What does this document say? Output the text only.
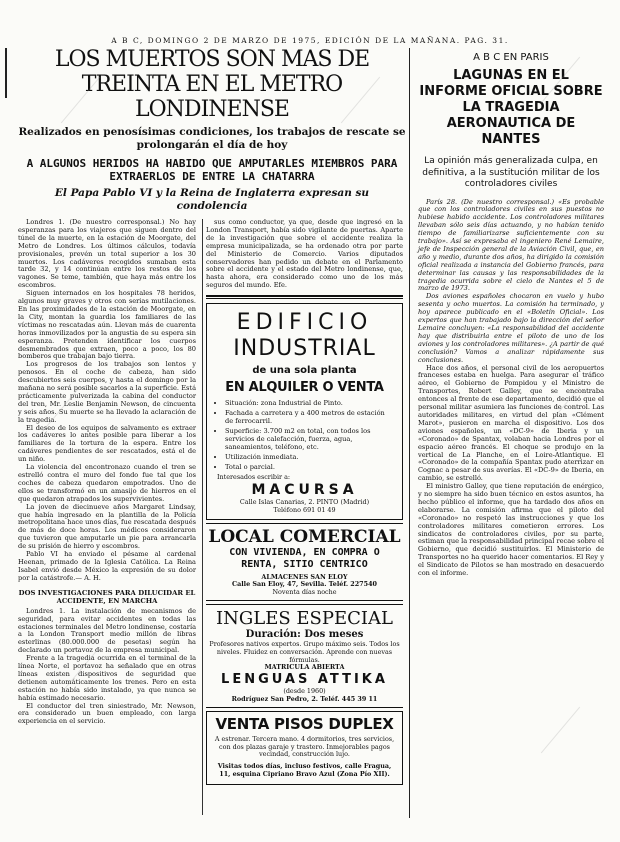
A B C, DOMINGO 2 DE MARZO DE 1975, EDICIÓN DE LA MAÑANA. PAG. 31.
LOS MUERTOS SON MAS DE TREINTA EN EL METRO LONDINENSE
Realizados en penosísimas condiciones, los trabajos de rescate se prolongarán el día de hoy
A ALGUNOS HERIDOS HA HABIDO QUE AMPUTARLES MIEMBROS PARA EXTRAERLOS DE ENTRE LA CHATARRA
El Papa Pablo VI y la Reina de Inglaterra expresan su condolencia

Londres 1. (De nuestro corresponsal.) No hay esperanzas para los viajeros que siguen dentro del túnel de la muerte, en la estación de Moorgate, del Metro de Londres. Los últimos cálculos, todavía provisionales, prevén un total superior a los 30 muertos. Los cadáveres recogidos sumaban esta tarde 32, y 14 continúan entre los restos de los vagones. Se teme, también, que haya más entre los escombros.

Siguen internados en los hospitales 78 heridos, algunos muy graves y otros con serias mutilaciones. En las proximidades de la estación de Moorgate, en la City, montan la guardia los familiares de las víctimas no rescatadas aún. Llevan más de cuarenta horas inmovilizados por la angustia de su espera sin esperanza. Pretenden identificar los cuerpos desmembrados que extraen, poco a poco, los 80 bomberos que trabajan bajo tierra.

Los progresos de los trabajos son lentos y penosos. En el coche de cabeza, han sido descubiertos seis cuerpos, y hasta el domingo por la mañana no será posible sacarlos a la superficie. Está prácticamente pulverizada la cabina del conductor del tren, Mr. Leslie Benjamin Newson, de cincuenta y seis años. Su muerte se ha llevado la aclaración de la tragedia.

El deseo de los equipos de salvamento es extraer los cadáveres lo antes posible para liberar a los familiares de la tortura de la espera. Entre los cadáveres pendientes de ser rescatados, está el de un niño.

La violencia del encontronazo cuando el tren se estrelló contra el muro del fondo fue tal que los coches de cabeza quedaron empotrados. Uno de ellos se transformó en un amasijo de hierros en el que quedaron atrapados los supervivientes.

La joven de diecinueve años Margaret Lindsay, que había ingresado en la plantilla de la Policía metropolitana hace unos días, fue rescatada después de más de doce horas. Los médicos consideraron que tuvieron que amputarle un pie para arrancarla de su prisión de hierro y escombros.

Pablo VI ha enviado el pésame al cardenal Heenan, primado de la Iglesia Católica. La Reina Isabel envió desde México la expresión de su dolor por la catástrofe.— A. H.

DOS INVESTIGACIONES PARA DILUCIDAR EL ACCIDENTE, EN MARCHA

Londres 1. La instalación de mecanismos de seguridad, para evitar accidentes en todas las estaciones terminales del Metro londinense, costaría a la London Transport medio millón de libras esterlinas (80.000.000 de pesetas) según ha declarado un portavoz de la empresa municipal.

Frente a la tragedia ocurrida en el terminal de la línea Norte, el portavoz ha señalado que en otras líneas existen dispositivos de seguridad que detienen automáticamente los trenes. Pero en esta estación no había sido instalado, ya que nunca se había estimado necesario.

El conductor del tren siniestrado, Mr. Newson, era considerado un buen empleado, con larga experiencia en el servicio.

sus como conductor, ya que, desde que ingresó en la London Transport, había sido vigilante de puertas. Aparte de la investigación que sobre el accidente realiza la empresa municipalizada, se ha ordenado otra por parte del Ministerio de Comercio. Varios diputados conservadores han pedido un debate en el Parlamento sobre el accidente y el estado del Metro londinense, que, hasta ahora, era considerado como uno de los más seguros del mundo. Efe.

EDIFICIO
INDUSTRIAL
de una sola planta
EN ALQUILER O VENTA
• Situación: zona Industrial de Pinto.
• Fachada a carretera y a 400 metros de estación de ferrocarril.
• Superficie: 3.700 m2 en total, con todos los servicios de calefacción, fuerza, agua, saneamientos, teléfono, etc.
• Utilización inmediata.
• Total o parcial.
Interesados escribir a:
MACURSA
Calle Islas Canarias, 2. PINTO (Madrid)
Teléfono 691 01 49
LOCAL COMERCIAL
CON VIVIENDA, EN COMPRA O RENTA, SITIO CENTRICO
ALMACENES SAN ELOY
Calle San Eloy, 47, Sevilla. Teléf. 227540
Noventa días noche
INGLES ESPECIAL
Duración: Dos meses
Profesores nativos expertos. Grupo máximo seis. Todos los niveles. Fluidez en conversación. Aprende con nuevas fórmulas.
MATRICULA ABIERTA
LENGUAS ATTIKA
(desde 1960)
Rodríguez San Pedro, 2. Teléf. 445 39 11
VENTA PISOS DUPLEX
A estrenar. Tercera mano. 4 dormitorios, tres servicios, con dos plazas garaje y trastero. Inmejorables pagos vecindad, construcción lujo.
Visitas todos días, incluso festivos, calle Fragua, 11, esquina Cipriano Bravo Azul (Zona Pío XII).
A B C EN PARIS
LAGUNAS EN EL INFORME OFICIAL SOBRE LA TRAGEDIA AERONAUTICA DE NANTES
La opinión más generalizada culpa, en definitiva, a la sustitución militar de los controladores civiles

París 28. (De nuestro corresponsal.) «Es probable que con los controladores civiles en sus puestos no hubiese habido accidente. Los controladores militares llevaban sólo seis días actuando, y no habían tenido tiempo de familiarizarse suficientemente con su trabajo». Así se expresaba el ingeniero René Lemaire, jefe de Inspección general de la Aviación Civil, que, en año y medio, durante dos años, ha dirigido la comisión oficial realizada a instancia del Gobierno francés, para determinar las causas y las responsabilidades de la tragedia ocurrida sobre el cielo de Nantes el 5 de marzo de 1973.

Dos aviones españoles chocaron en vuelo y hubo sesenta y ocho muertos. La comisión ha terminado, y hoy aparece publicado en el «Boletín Oficial». Los expertos que han trabajado bajo la dirección del señor Lemaire concluyen: «La responsabilidad del accidente hay que distribuirla entre el piloto de uno de los aviones y los controladores militares». ¿A partir de qué conclusión? Vamos a analizar rápidamente sus conclusiones.

Hace dos años, el personal civil de los aeropuertos franceses estaba en huelga. Para asegurar el tráfico aéreo, el Gobierno de Pompidou y el Ministro de Transportes, Robert Galley, que se encontraba entonces al frente de ese departamento, decidió que el personal militar asumiera las funciones de control. Las autoridades militares, en virtud del plan «Clément Marot», pusieron en marcha el dispositivo. Los dos aviones españoles, un «DC-9» de Iberia y un «Coronado» de Spantax, volaban hacia Londres por el espacio aéreo francés. El choque se produjo en la vertical de La Planche, en el Loire-Atlantique. El «Coronado» de la compañía Spantax pudo aterrizar en Cognac a pesar de sus averías. El «DC-9» de Iberia, en cambio, se estrelló.

El ministro Galley, que tiene reputación de enérgico, y no siempre ha sido buen técnico en estos asuntos, ha hecho público el informe, que ha tardado dos años en elaborarse. La comisión afirma que el piloto del «Coronado» no respetó las instrucciones y que los controladores militares cometieron errores. Los sindicatos de controladores civiles, por su parte, estiman que la responsabilidad principal recae sobre el Gobierno, que decidió sustituirlos. El Ministerio de Transportes no ha querido hacer comentarios. El Rey y el Sindicato de Pilotos se han mostrado en desacuerdo con el informe.
